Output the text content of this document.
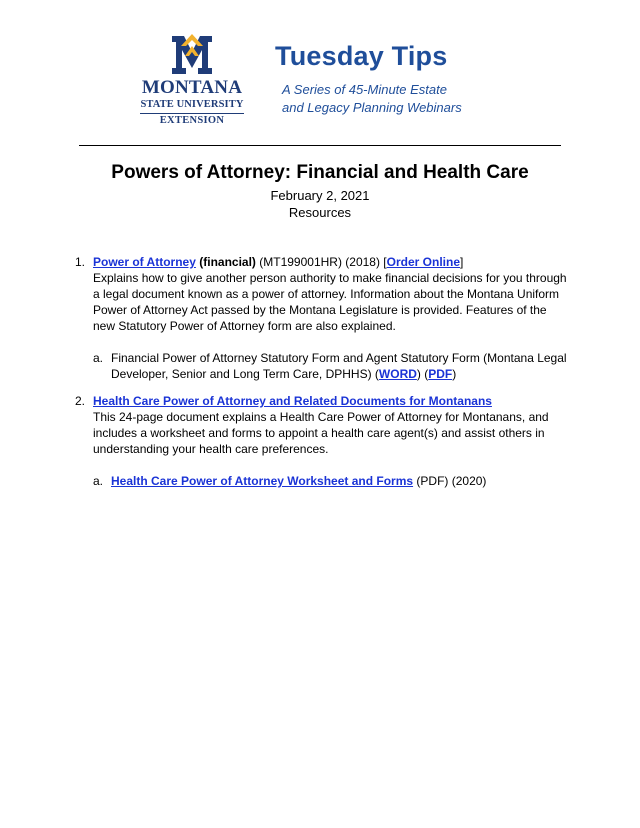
MONTANA
STATE UNIVERSITY
EXTENSION
Tuesday Tips
A Series of 45-Minute Estate
and Legacy Planning Webinars
Powers of Attorney: Financial and Health Care
February 2, 2021
Resources
1. Power of Attorney (financial) (MT199001HR) (2018) [Order Online]
Explains how to give another person authority to make financial decisions for you through a legal document known as a power of attorney. Information about the Montana Uniform Power of Attorney Act passed by the Montana Legislature is provided. Features of the new Statutory Power of Attorney form are also explained.
a. Financial Power of Attorney Statutory Form and Agent Statutory Form (Montana Legal Developer, Senior and Long Term Care, DPHHS) (WORD) (PDF)
2. Health Care Power of Attorney and Related Documents for Montanans
This 24-page document explains a Health Care Power of Attorney for Montanans, and includes a worksheet and forms to appoint a health care agent(s) and assist others in understanding your health care preferences.
a. Health Care Power of Attorney Worksheet and Forms (PDF) (2020)
